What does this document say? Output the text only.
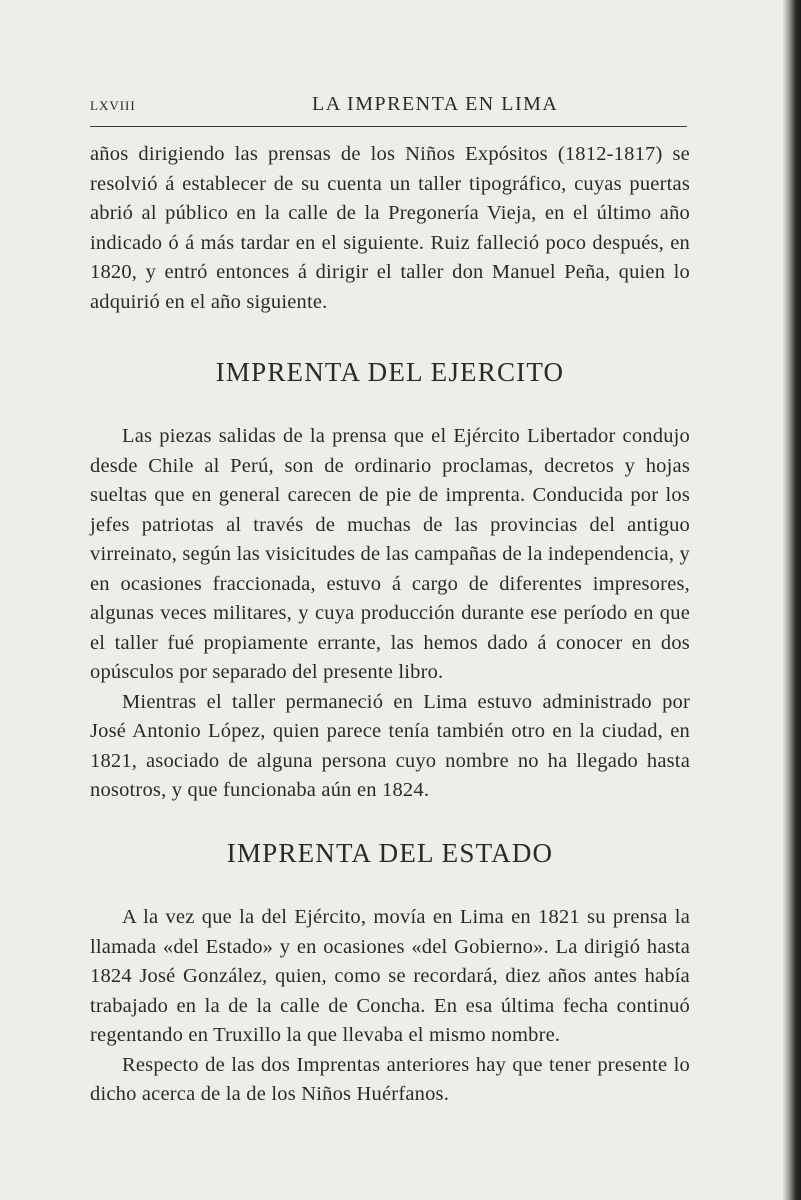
LXVIII	LA IMPRENTA EN LIMA

años dirigiendo las prensas de los Niños Expósitos (1812-1817) se resolvió á establecer de su cuenta un taller tipográfico, cuyas puertas abrió al público en la calle de la Pregonería Vieja, en el último año indicado ó á más tardar en el siguiente. Ruiz falleció poco después, en 1820, y entró entonces á dirigir el taller don Manuel Peña, quien lo adquirió en el año siguiente.

IMPRENTA DEL EJERCITO

Las piezas salidas de la prensa que el Ejército Libertador condujo desde Chile al Perú, son de ordinario proclamas, decretos y hojas sueltas que en general carecen de pie de imprenta. Conducida por los jefes patriotas al través de muchas de las provincias del antiguo virreinato, según las visicitudes de las campañas de la independencia, y en ocasiones fraccionada, estuvo á cargo de diferentes impresores, algunas veces militares, y cuya producción durante ese período en que el taller fué propiamente errante, las hemos dado á conocer en dos opúsculos por separado del presente libro.

Mientras el taller permaneció en Lima estuvo administrado por José Antonio López, quien parece tenía también otro en la ciudad, en 1821, asociado de alguna persona cuyo nombre no ha llegado hasta nosotros, y que funcionaba aún en 1824.

IMPRENTA DEL ESTADO

A la vez que la del Ejército, movía en Lima en 1821 su prensa la llamada «del Estado» y en ocasiones «del Gobierno». La dirigió hasta 1824 José González, quien, como se recordará, diez años antes había trabajado en la de la calle de Concha. En esa última fecha continuó regentando en Truxillo la que llevaba el mismo nombre.

Respecto de las dos Imprentas anteriores hay que tener presente lo dicho acerca de la de los Niños Huérfanos.
